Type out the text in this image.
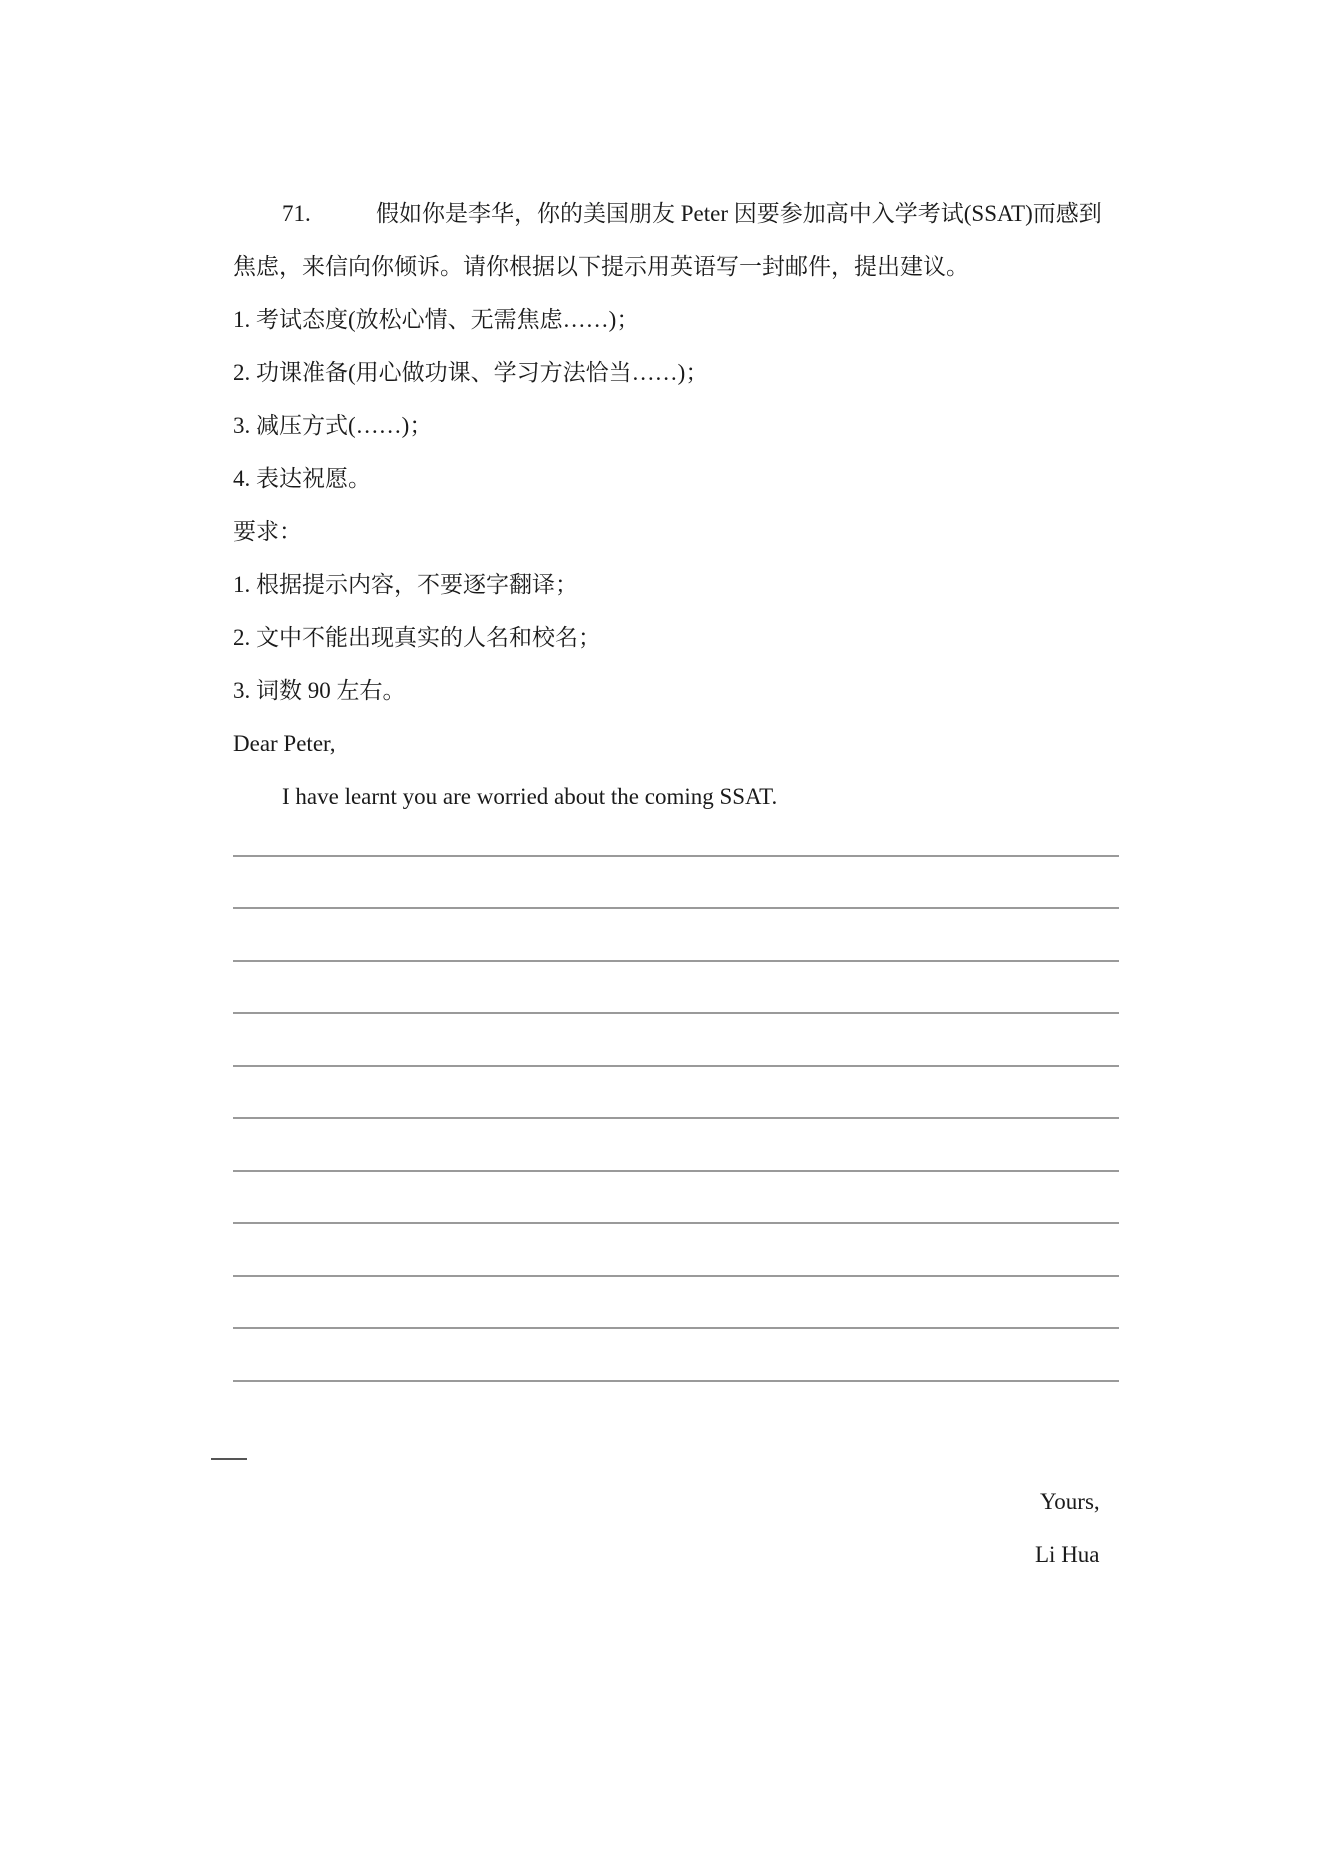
71.	假如你是李华，你的美国朋友 Peter 因要参加高中入学考试(SSAT)而感到
焦虑，来信向你倾诉。请你根据以下提示用英语写一封邮件，提出建议。
1. 考试态度(放松心情、无需焦虑……)；
2. 功课准备(用心做功课、学习方法恰当……)；
3. 减压方式(……)；
4. 表达祝愿。
要求：
1. 根据提示内容，不要逐字翻译；
2. 文中不能出现真实的人名和校名；
3. 词数 90 左右。
Dear Peter,
I have learnt you are worried about the coming SSAT.
Yours,
Li Hua
